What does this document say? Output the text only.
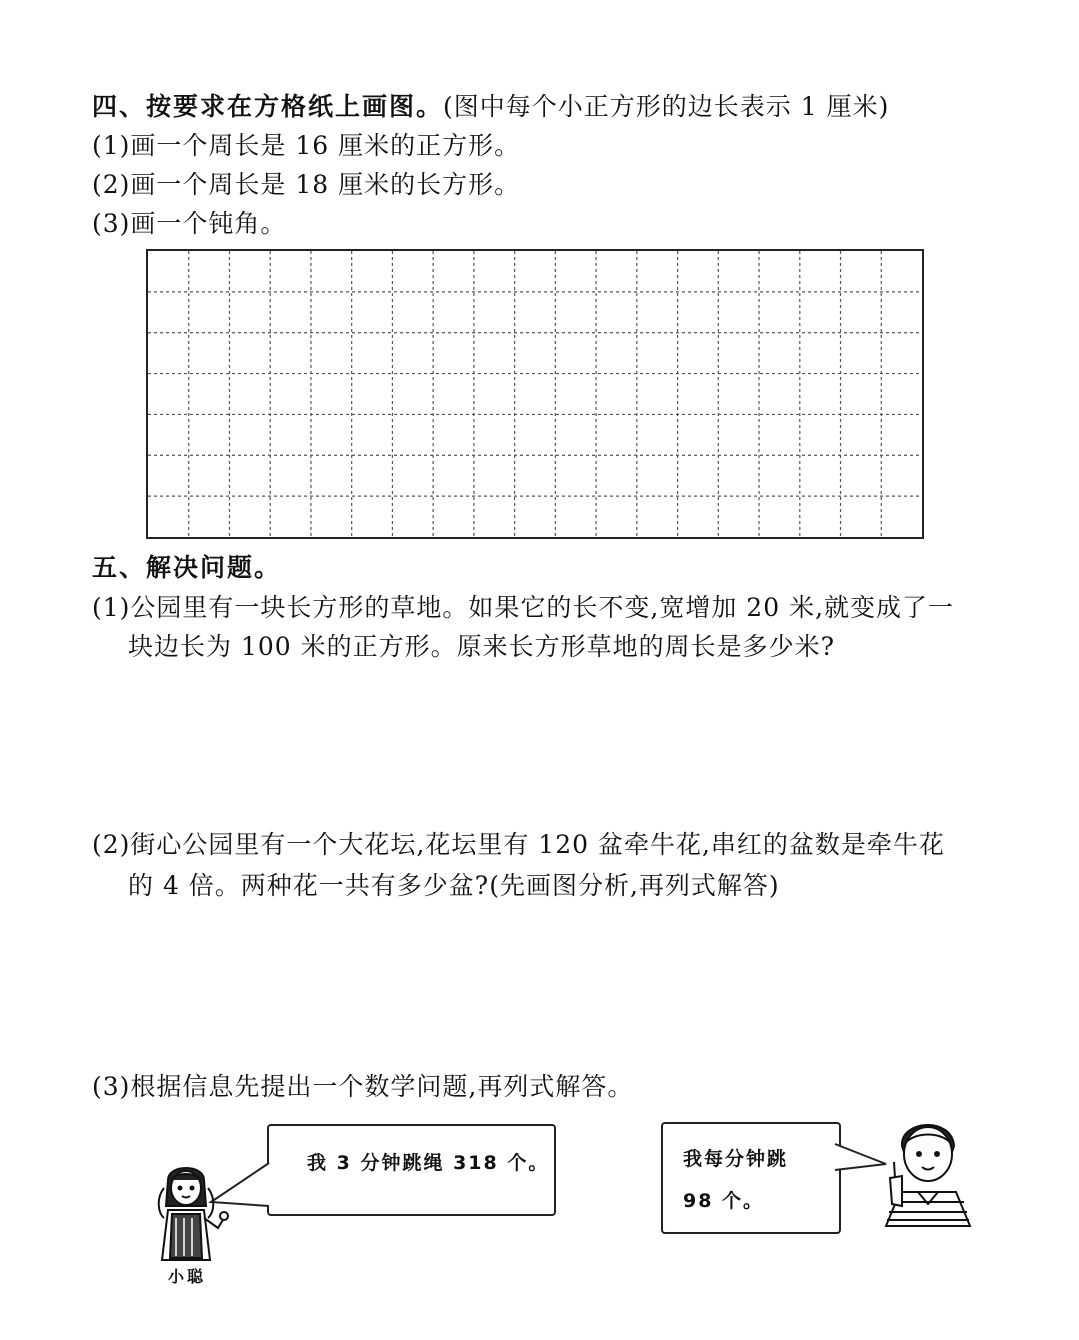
四、按要求在方格纸上画图。(图中每个小正方形的边长表示 1 厘米)
(1)画一个周长是 16 厘米的正方形。
(2)画一个周长是 18 厘米的长方形。
(3)画一个钝角。
五、解决问题。
(1)公园里有一块长方形的草地。如果它的长不变,宽增加 20 米,就变成了一
块边长为 100 米的正方形。原来长方形草地的周长是多少米?
(2)街心公园里有一个大花坛,花坛里有 120 盆牵牛花,串红的盆数是牵牛花
的 4 倍。两种花一共有多少盆?(先画图分析,再列式解答)
(3)根据信息先提出一个数学问题,再列式解答。
我 3 分钟跳绳 318 个。	我每分钟跳
98 个。
小聪
